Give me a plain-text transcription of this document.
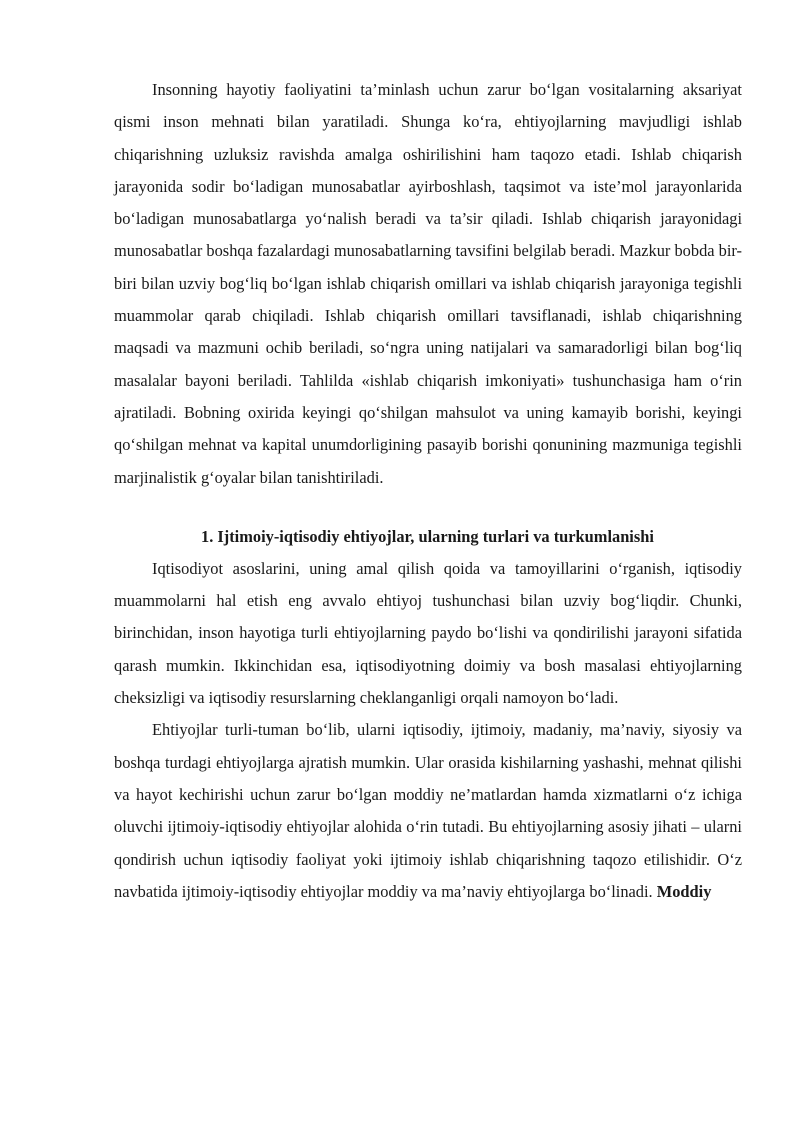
Insonning hayotiy faoliyatini ta’minlash uchun zarur bo‘lgan vositalarning aksariyat qismi inson mehnati bilan yaratiladi. Shunga ko‘ra, ehtiyojlarning mavjudligi ishlab chiqarishning uzluksiz ravishda amalga oshirilishini ham taqozo etadi. Ishlab chiqarish jarayonida sodir bo‘ladigan munosabatlar ayirboshlash, taqsimot va iste’mol jarayonlarida bo‘ladigan munosabatlarga yo‘nalish beradi va ta’sir qiladi. Ishlab chiqarish jarayonidagi munosabatlar boshqa fazalardagi munosabatlarning tavsifini belgilab beradi. Mazkur bobda bir-biri bilan uzviy bog‘liq bo‘lgan ishlab chiqarish omillari va ishlab chiqarish jarayoniga tegishli muammolar qarab chiqiladi. Ishlab chiqarish omillari tavsiflanadi, ishlab chiqarishning maqsadi va mazmuni ochib beriladi, so‘ngra uning natijalari va samaradorligi bilan bog‘liq masalalar bayoni beriladi. Tahlilda «ishlab chiqarish imkoniyati» tushunchasiga ham o‘rin ajratiladi. Bobning oxirida keyingi qo‘shilgan mahsulot va uning kamayib borishi, keyingi qo‘shilgan mehnat va kapital unumdorligining pasayib borishi qonunining mazmuniga tegishli marjinalistik g‘oyalar bilan tanishtiriladi.

1. Ijtimoiy-iqtisodiy ehtiyojlar, ularning turlari va turkumlanishi

Iqtisodiyot asoslarini, uning amal qilish qoida va tamoyillarini o‘rganish, iqtisodiy muammolarni hal etish eng avvalo ehtiyoj tushunchasi bilan uzviy bog‘liqdir. Chunki, birinchidan, inson hayotiga turli ehtiyojlarning paydo bo‘lishi va qondirilishi jarayoni sifatida qarash mumkin. Ikkinchidan esa, iqtisodiyotning doimiy va bosh masalasi ehtiyojlarning cheksizligi va iqtisodiy resurslarning cheklanganligi orqali namoyon bo‘ladi.

Ehtiyojlar turli-tuman bo‘lib, ularni iqtisodiy, ijtimoiy, madaniy, ma’naviy, siyosiy va boshqa turdagi ehtiyojlarga ajratish mumkin. Ular orasida kishilarning yashashi, mehnat qilishi va hayot kechirishi uchun zarur bo‘lgan moddiy ne’matlardan hamda xizmatlarni o‘z ichiga oluvchi ijtimoiy-iqtisodiy ehtiyojlar alohida o‘rin tutadi. Bu ehtiyojlarning asosiy jihati – ularni qondirish uchun iqtisodiy faoliyat yoki ijtimoiy ishlab chiqarishning taqozo etilishidir. O‘z navbatida ijtimoiy-iqtisodiy ehtiyojlar moddiy va ma’naviy ehtiyojlarga bo‘linadi. Moddiy
